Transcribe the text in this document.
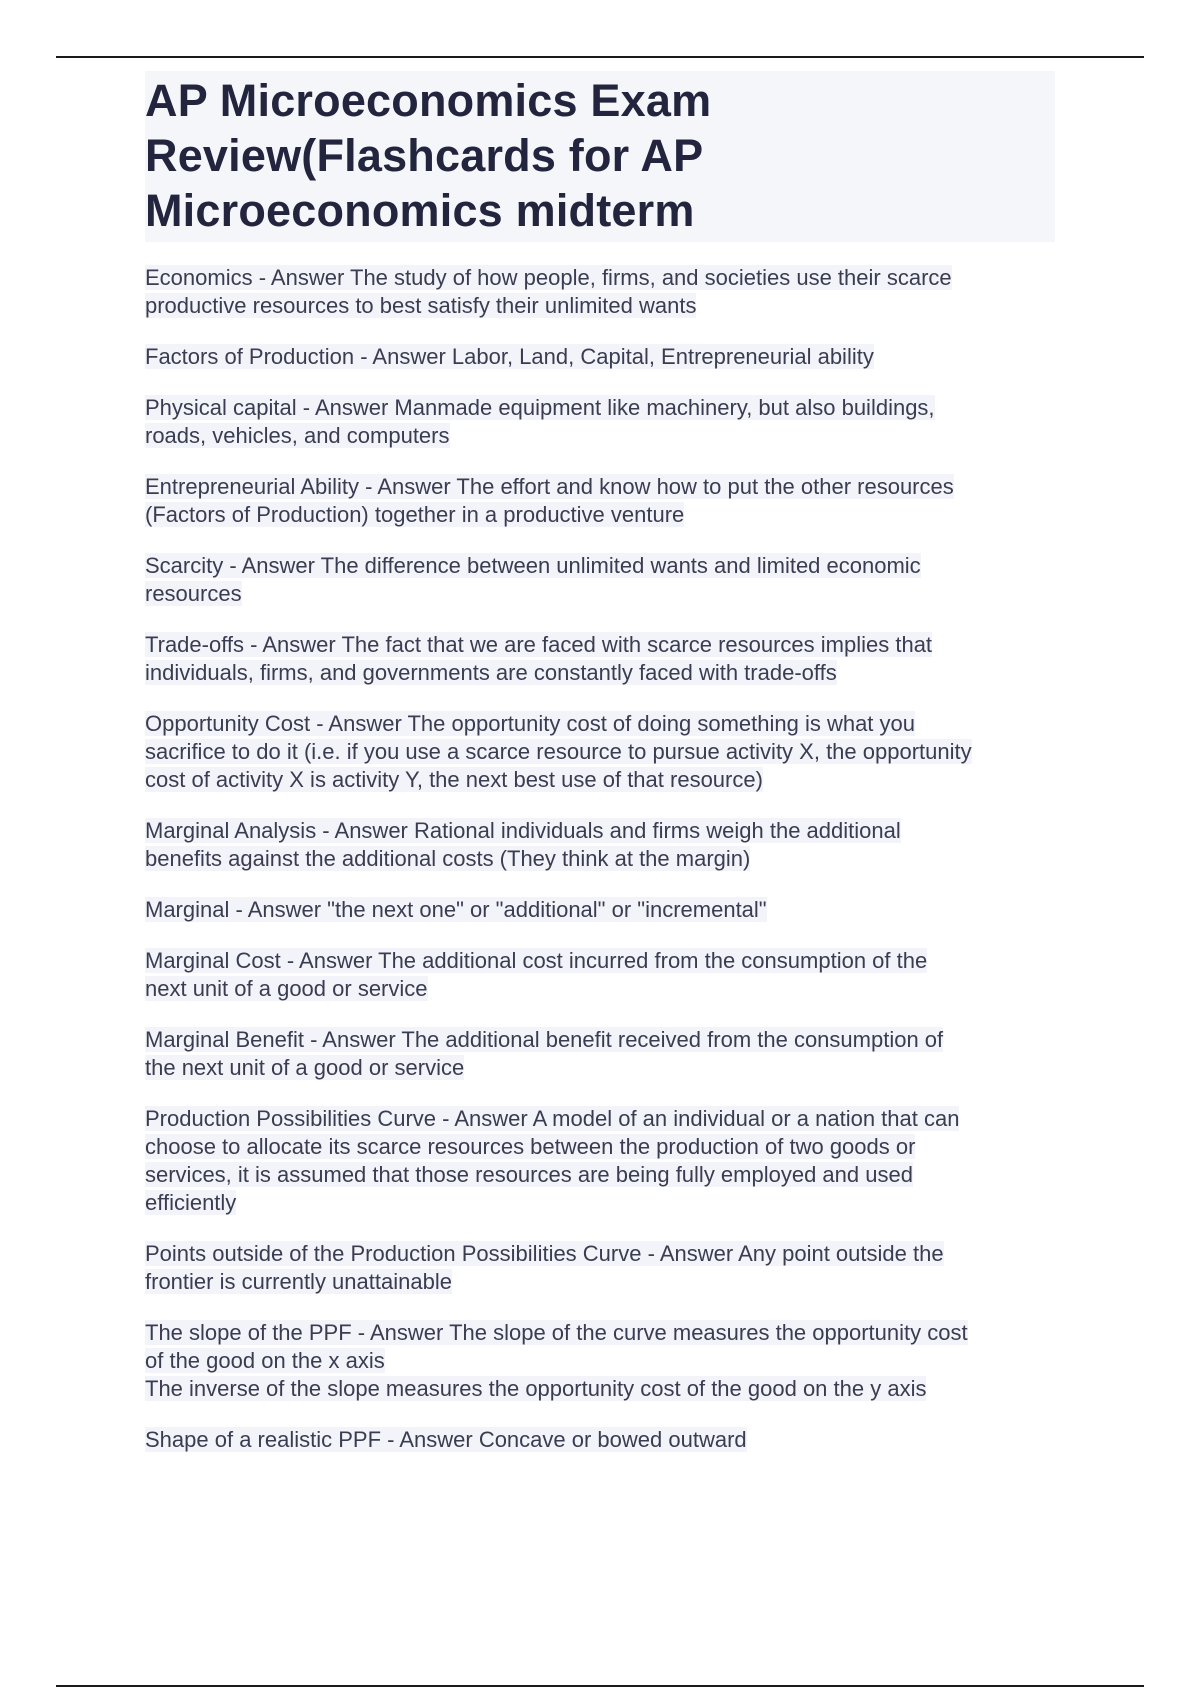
AP Microeconomics Exam Review(Flashcards for AP Microeconomics midterm
Economics - Answer The study of how people, firms, and societies use their scarce
productive resources to best satisfy their unlimited wants
Factors of Production - Answer Labor, Land, Capital, Entrepreneurial ability
Physical capital - Answer Manmade equipment like machinery, but also buildings,
roads, vehicles, and computers
Entrepreneurial Ability - Answer The effort and know how to put the other resources
(Factors of Production) together in a productive venture
Scarcity - Answer The difference between unlimited wants and limited economic
resources
Trade-offs - Answer The fact that we are faced with scarce resources implies that
individuals, firms, and governments are constantly faced with trade-offs
Opportunity Cost - Answer The opportunity cost of doing something is what you
sacrifice to do it (i.e. if you use a scarce resource to pursue activity X, the opportunity
cost of activity X is activity Y, the next best use of that resource)
Marginal Analysis - Answer Rational individuals and firms weigh the additional
benefits against the additional costs (They think at the margin)
Marginal - Answer "the next one" or "additional" or "incremental"
Marginal Cost - Answer The additional cost incurred from the consumption of the
next unit of a good or service
Marginal Benefit - Answer The additional benefit received from the consumption of
the next unit of a good or service
Production Possibilities Curve - Answer A model of an individual or a nation that can
choose to allocate its scarce resources between the production of two goods or
services, it is assumed that those resources are being fully employed and used
efficiently
Points outside of the Production Possibilities Curve - Answer Any point outside the
frontier is currently unattainable
The slope of the PPF - Answer The slope of the curve measures the opportunity cost
of the good on the x axis
The inverse of the slope measures the opportunity cost of the good on the y axis
Shape of a realistic PPF - Answer Concave or bowed outward
